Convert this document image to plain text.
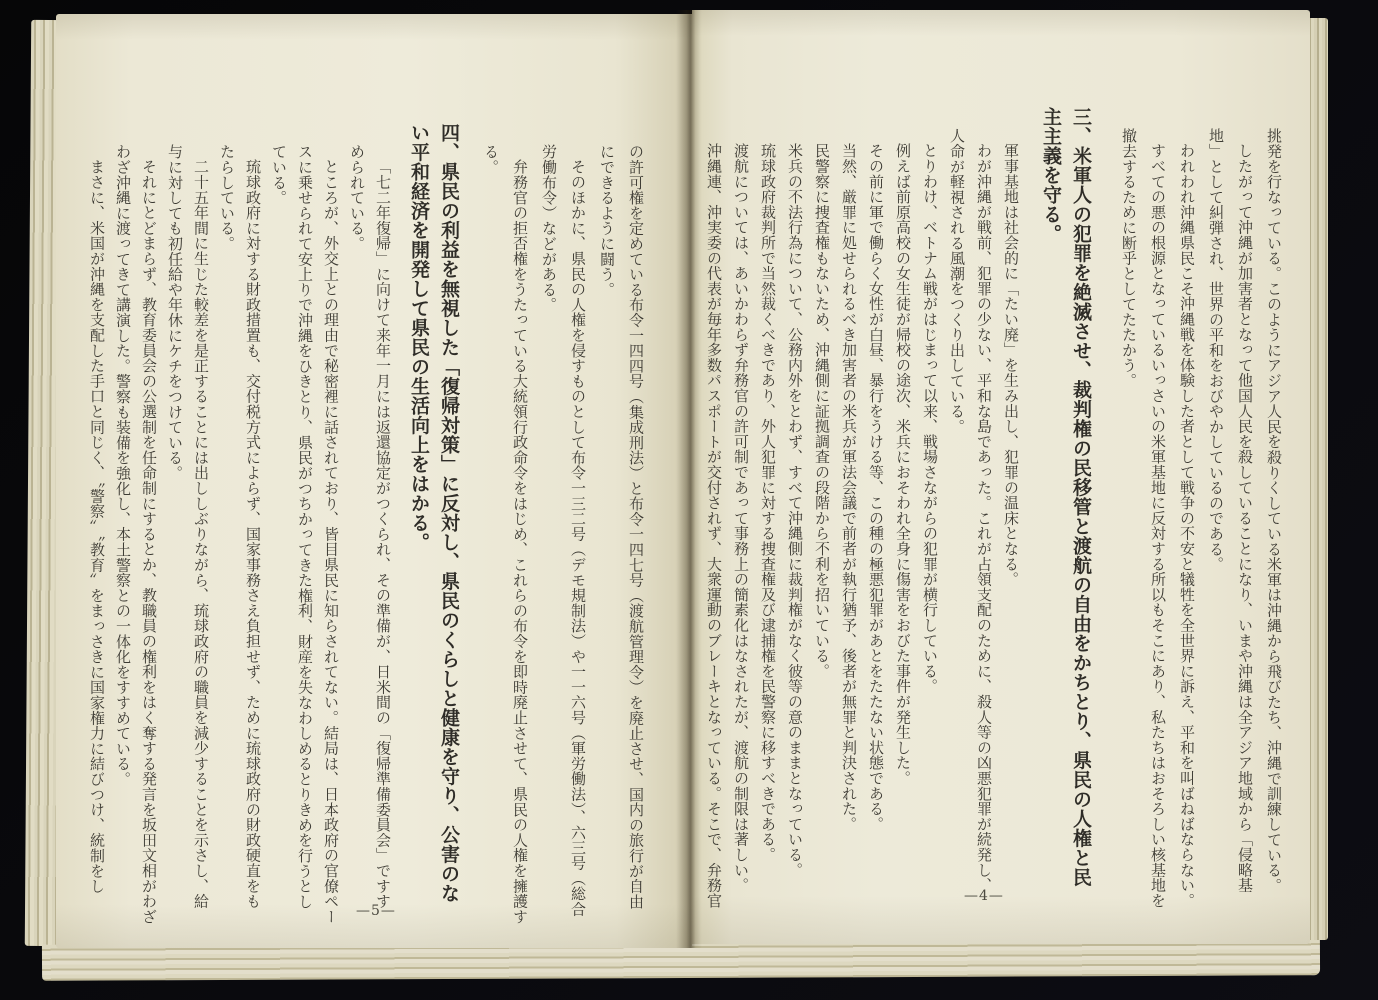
の許可権を定めている布令一四四号（集成刑法）と布令一四七号（渡航管理令）を廃止させ、国内の旅行が自由
にできるように闘う。
そのほかに、県民の人権を侵すものとして布令一三二号（デモ規制法）や一一六号（軍労働法）、六三号（総合
労働布令）などがある。
弁務官の拒否権をうたっている大統領行政命令をはじめ、これらの布令を即時廃止させて、県民の人権を擁護す
る。
四、県民の利益を無視した「復帰対策」に反対し、県民のくらしと健康を守り、公害のな
い平和経済を開発して県民の生活向上をはかる。
「七二年復帰」に向けて来年一月には返還協定がつくられ、その準備が、日米間の「復帰準備委員会」ですす
められている。
ところが、外交上との理由で秘密裡に話されており、皆目県民に知らされてない。結局は、日本政府の官僚ペー
スに乗せられて安上りで沖縄をひきとり、県民がつちかってきた権利、財産を失なわしめるとりきめを行うとし
ている。
琉球政府に対する財政措置も、交付税方式によらず、国家事務さえ負担せず、ために琉球政府の財政硬直をも
たらしている。
二十五年間に生じた較差を是正することには出ししぶりながら、琉球政府の職員を減少することを示さし、給
与に対しても初任給や年休にケチをつけている。
それにとどまらず、教育委員会の公選制を任命制にするとか、教職員の権利をはく奪する発言を坂田文相がわざ
わざ沖縄に渡ってきて講演した。警察も装備を強化し、本土警察との一体化をすすめている。
まさに、米国が沖縄を支配した手口と同じく、〝警察〟〝教育〟をまっさきに国家権力に結びつけ、統制をし
—5—
挑発を行なっている。このようにアジア人民を殺りくしている米軍は沖縄から飛びたち、沖縄で訓練している。
したがって沖縄が加害者となって他国人民を殺していることになり、いまや沖縄は全アジア地域から「侵略基
地」として糾弾され、世界の平和をおびやかしているのである。
われわれ沖縄県民こそ沖縄戦を体験した者として戦争の不安と犠牲を全世界に訴え、平和を叫ばねばならない。
すべての悪の根源となっているいっさいの米軍基地に反対する所以もそこにあり、私たちはおそろしい核基地を
撤去するために断乎としてたたかう。
三、米軍人の犯罪を絶滅させ、裁判権の民移管と渡航の自由をかちとり、県民の人権と民
主主義を守る。
軍事基地は社会的に「たい廃」を生み出し、犯罪の温床となる。
わが沖縄が戦前、犯罪の少ない、平和な島であった。これが占領支配のために、殺人等の凶悪犯罪が続発し、
人命が軽視される風潮をつくり出している。
とりわけ、ベトナム戦がはじまって以来、戦場さながらの犯罪が横行している。
例えば前原高校の女生徒が帰校の途次、米兵におそわれ全身に傷害をおびた事件が発生した。
その前に軍で働らく女性が白昼、暴行をうける等、この種の極悪犯罪があとをたたない状態である。
当然、厳罪に処せられるべき加害者の米兵が軍法会議で前者が執行猶予、後者が無罪と判決された。
民警察に捜査権もないため、沖縄側に証拠調査の段階から不利を招いている。
米兵の不法行為について、公務内外をとわず、すべて沖縄側に裁判権がなく彼等の意のままとなっている。
琉球政府裁判所で当然裁くべきであり、外人犯罪に対する捜査権及び逮捕権を民警察に移すべきである。
渡航については、あいかわらず弁務官の許可制であって事務上の簡素化はなされたが、渡航の制限は著しい。
沖縄連、沖実委の代表が毎年多数パスポートが交付されず、大衆運動のブレーキとなっている。そこで、弁務官	—4—
